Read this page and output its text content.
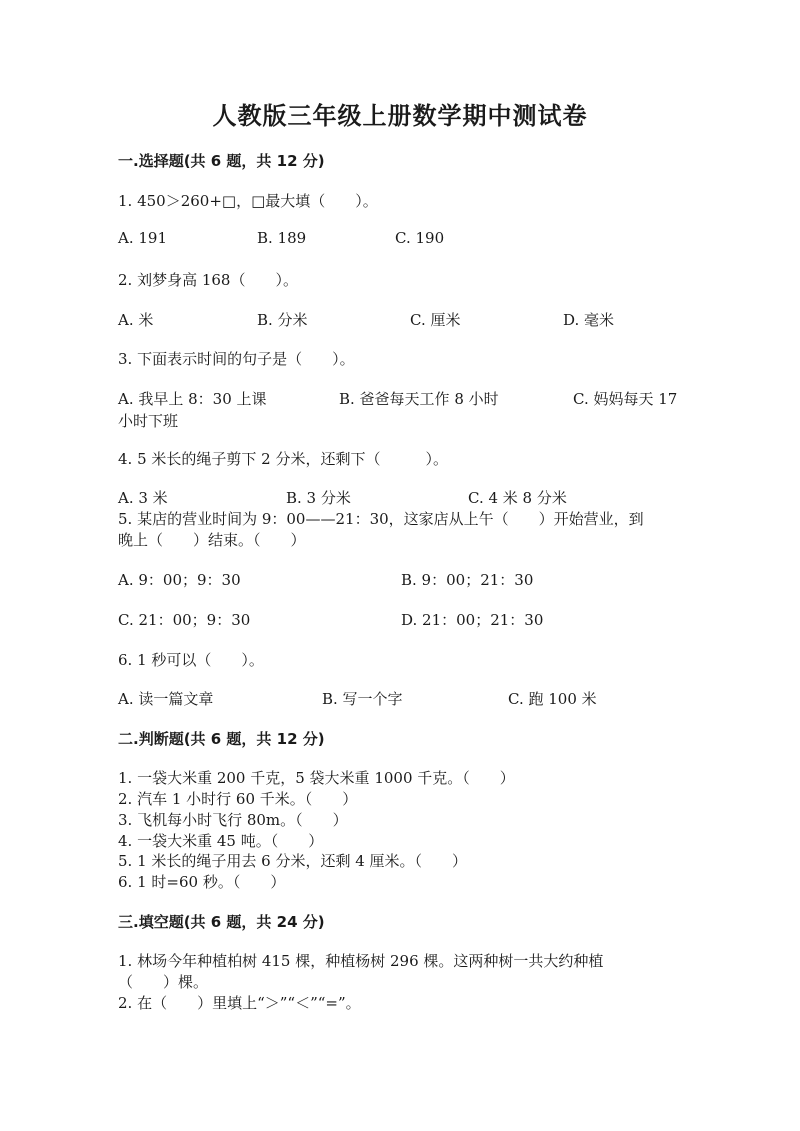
人教版三年级上册数学期中测试卷
一.选择题(共 6 题，共 12 分)
1. 450＞260+□，□最大填（　　）。
A. 191	B. 189	C. 190
2. 刘梦身高 168（　　）。
A. 米	B. 分米	C. 厘米	D. 毫米
3. 下面表示时间的句子是（　　）。
A. 我早上 8：30 上课	B. 爸爸每天工作 8 小时	C. 妈妈每天 17
小时下班
4. 5 米长的绳子剪下 2 分米，还剩下（　　　）。
A. 3 米	B. 3 分米	C. 4 米 8 分米
5. 某店的营业时间为 9：00——21：30，这家店从上午（　　）开始营业，到
晚上（　　）结束。（　　）
A. 9：00；9：30	B. 9：00；21：30
C. 21：00；9：30	D. 21：00；21：30
6. 1 秒可以（　　）。
A. 读一篇文章	B. 写一个字	C. 跑 100 米
二.判断题(共 6 题，共 12 分)
1. 一袋大米重 200 千克，5 袋大米重 1000 千克。（　　）
2. 汽车 1 小时行 60 千米。（　　）
3. 飞机每小时飞行 80m。（　　）
4. 一袋大米重 45 吨。（　　）
5. 1 米长的绳子用去 6 分米，还剩 4 厘米。（　　）
6. 1 时=60 秒。（　　）
三.填空题(共 6 题，共 24 分)
1. 林场今年种植柏树 415 棵，种植杨树 296 棵。这两种树一共大约种植
（　　）棵。
2. 在（　　）里填上“＞”“＜”“=”。
